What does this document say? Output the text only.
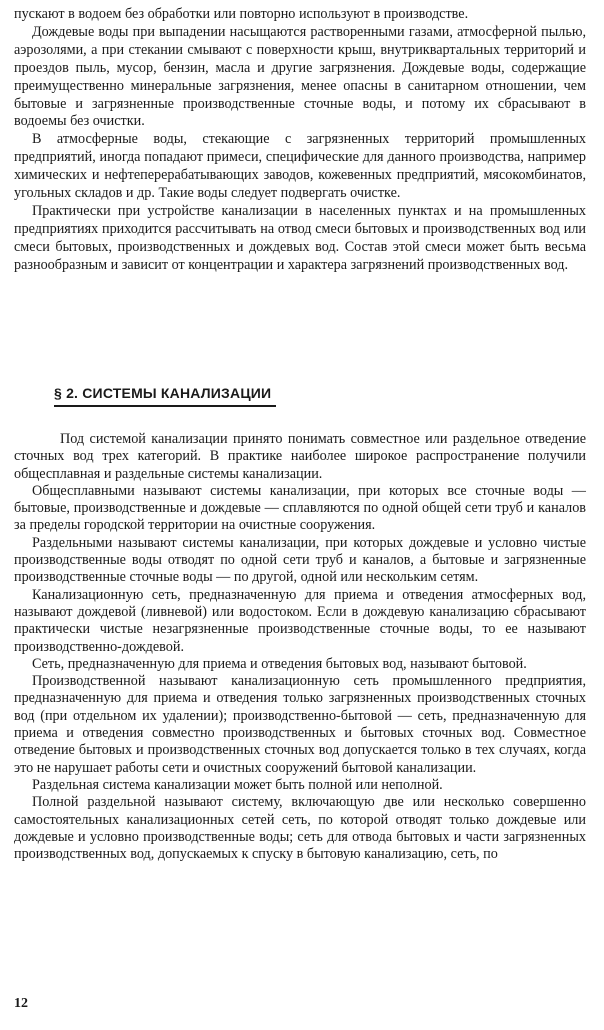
пускают в водоем без обработки или повторно используют в производстве.

Дождевые воды при выпадении насыщаются растворенными газами, атмосферной пылью, аэрозолями, а при стекании смывают с поверхности крыш, внутриквартальных территорий и проездов пыль, мусор, бензин, масла и другие загрязнения. Дождевые воды, содержащие преимущественно минеральные загрязнения, менее опасны в санитарном отношении, чем бытовые и загрязненные производственные сточные воды, и потому их сбрасывают в водоемы без очистки.

В атмосферные воды, стекающие с загрязненных территорий промышленных предприятий, иногда попадают примеси, специфические для данного производства, например химических и нефтеперерабатывающих заводов, кожевенных предприятий, мясокомбинатов, угольных складов и др. Такие воды следует подвергать очистке.

Практически при устройстве канализации в населенных пунктах и на промышленных предприятиях приходится рассчитывать на отвод смеси бытовых и производственных вод или смеси бытовых, производственных и дождевых вод. Состав этой смеси может быть весьма разнообразным и зависит от концентрации и характера загрязнений производственных вод.

§ 2. СИСТЕМЫ КАНАЛИЗАЦИИ

Под системой канализации принято понимать совместное или раздельное отведение сточных вод трех категорий. В практике наиболее широкое распространение получили общесплавная и раздельные системы канализации.

Общесплавными называют системы канализации, при которых все сточные воды — бытовые, производственные и дождевые — сплавляются по одной общей сети труб и каналов за пределы городской территории на очистные сооружения.

Раздельными называют системы канализации, при которых дождевые и условно чистые производственные воды отводят по одной сети труб и каналов, а бытовые и загрязненные производственные сточные воды — по другой, одной или нескольким сетям.

Канализационную сеть, предназначенную для приема и отведения атмосферных вод, называют дождевой (ливневой) или водостоком. Если в дождевую канализацию сбрасывают практически чистые незагрязненные производственные сточные воды, то ее называют производственно-дождевой.

Сеть, предназначенную для приема и отведения бытовых вод, называют бытовой.

Производственной называют канализационную сеть промышленного предприятия, предназначенную для приема и отведения только загрязненных производственных сточных вод (при отдельном их удалении); производственно-бытовой — сеть, предназначенную для приема и отведения совместно производственных и бытовых сточных вод. Совместное отведение бытовых и производственных сточных вод допускается только в тех случаях, когда это не нарушает работы сети и очистных сооружений бытовой канализации.

Раздельная система канализации может быть полной или неполной.

Полной раздельной называют систему, включающую две или несколько совершенно самостоятельных канализационных сетей сеть, по которой отводят только дождевые или дождевые и условно производственные воды; сеть для отвода бытовых и части загрязненных производственных вод, допускаемых к спуску в бытовую канализацию, сеть, по

12
